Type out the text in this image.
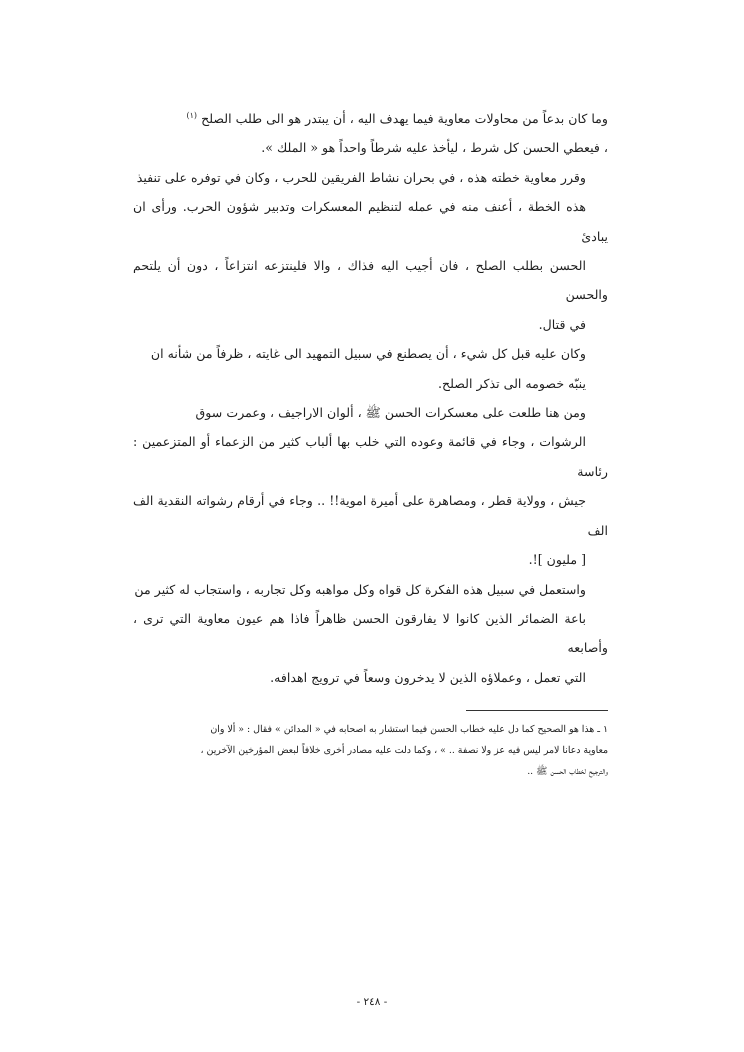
وما كان بدعاً من محاولات معاوية فيما يهدف اليه ، أن يبتدر هو الى طلب الصلح $^{(١)}$
، فيعطي الحسن كل شرط ، ليأخذ عليه شرطاً واحداً هو « الملك ».

وقرر معاوية خطته هذه ، في بحران نشاط الفريقين للحرب ، وكان في توفره على تنفيذ
هذه الخطة ، أعنف منه في عمله لتنظيم المعسكرات وتدبير شؤون الحرب. ورأى ان يبادئ
الحسن بطلب الصلح ، فان أجيب اليه فذاك ، والا فلينتزعه انتزاعاً ، دون أن يلتحم والحسن
في قتال.

وكان عليه قبل كل شيء ، أن يصطنع في سبيل التمهيد الى غايته ، ظرفاً من شأنه ان
ينبّه خصومه الى تذكر الصلح.

ومن هنا طلعت على معسكرات الحسن ﷺ ، ألوان الاراجيف ، وعمرت سوق
الرشوات ، وجاء في قائمة وعوده التي خلب بها ألباب كثير من الزعماء أو المتزعمين : رئاسة
جيش ، وولاية قطر ، ومصاهرة على أميرة اموية!! .. وجاء في أرقام رشواته النقدية الف الف
[ مليون ]!.

واستعمل في سبيل هذه الفكرة كل قواه وكل مواهبه وكل تجاربه ، واستجاب له كثير من
باعة الضمائر الذين كانوا لا يفارقون الحسن ظاهراً فاذا هم عيون معاوية التي ترى ، وأصابعه
التي تعمل ، وعملاؤه الذين لا يدخرون وسعاً في ترويج اهدافه.

١ ـ هذا هو الصحيح كما دل عليه خطاب الحسن فيما استشار به اصحابه في « المدائن » فقال : « ألا وان

معاوية دعانا لامر ليس فيه عز ولا نصفة .. » ، وكما دلت عليه مصادر أخرى خلافاً لبعض المؤرخين الآخرين ،

والترجيح لخطاب الحسن ﷺ ..

- ٢٤٨ -
